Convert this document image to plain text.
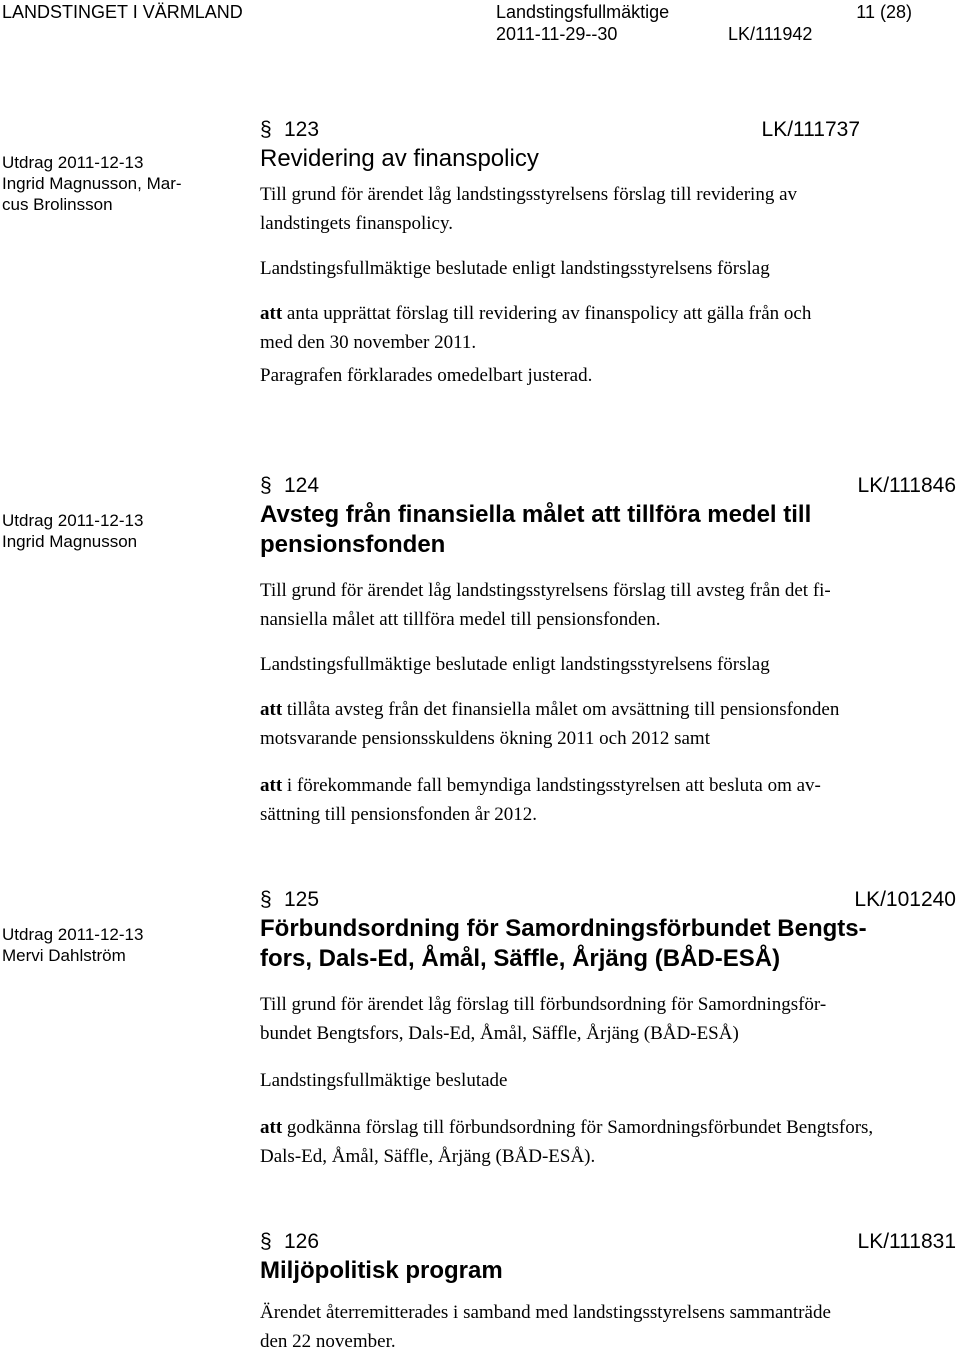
LANDSTINGET I VÄRMLAND	Landstingsfullmäktige	11 (28)
2011-11-29--30	LK/111942
Utdrag 2011-12-13
Ingrid Magnusson, Mar-
cus Brolinsson
§ 123	LK/111737
Revidering av finanspolicy
Till grund för ärendet låg landstingsstyrelsens förslag till revidering av
landstingets finanspolicy.
Landstingsfullmäktige beslutade enligt landstingsstyrelsens förslag
att anta upprättat förslag till revidering av finanspolicy att gälla från och
med den 30 november 2011.
Paragrafen förklarades omedelbart justerad.
Utdrag 2011-12-13
Ingrid Magnusson
§ 124	LK/111846
Avsteg från finansiella målet att tillföra medel till
pensionsfonden
Till grund för ärendet låg landstingsstyrelsens förslag till avsteg från det fi-
nansiella målet att tillföra medel till pensionsfonden.
Landstingsfullmäktige beslutade enligt landstingsstyrelsens förslag
att tillåta avsteg från det finansiella målet om avsättning till pensionsfonden
motsvarande pensionsskuldens ökning 2011 och 2012 samt
att i förekommande fall bemyndiga landstingsstyrelsen att besluta om av-
sättning till pensionsfonden år 2012.
Utdrag 2011-12-13
Mervi Dahlström
§ 125	LK/101240
Förbundsordning för Samordningsförbundet Bengts-
fors, Dals-Ed, Åmål, Säffle, Årjäng (BÅD-ESÅ)
Till grund för ärendet låg förslag till förbundsordning för Samordningsför-
bundet Bengtsfors, Dals-Ed, Åmål, Säffle, Årjäng (BÅD-ESÅ)
Landstingsfullmäktige beslutade
att godkänna förslag till förbundsordning för Samordningsförbundet Bengtsfors,
Dals-Ed, Åmål, Säffle, Årjäng (BÅD-ESÅ).
§ 126	LK/111831
Miljöpolitisk program
Ärendet återremitterades i samband med landstingsstyrelsens sammanträde
den 22 november.
